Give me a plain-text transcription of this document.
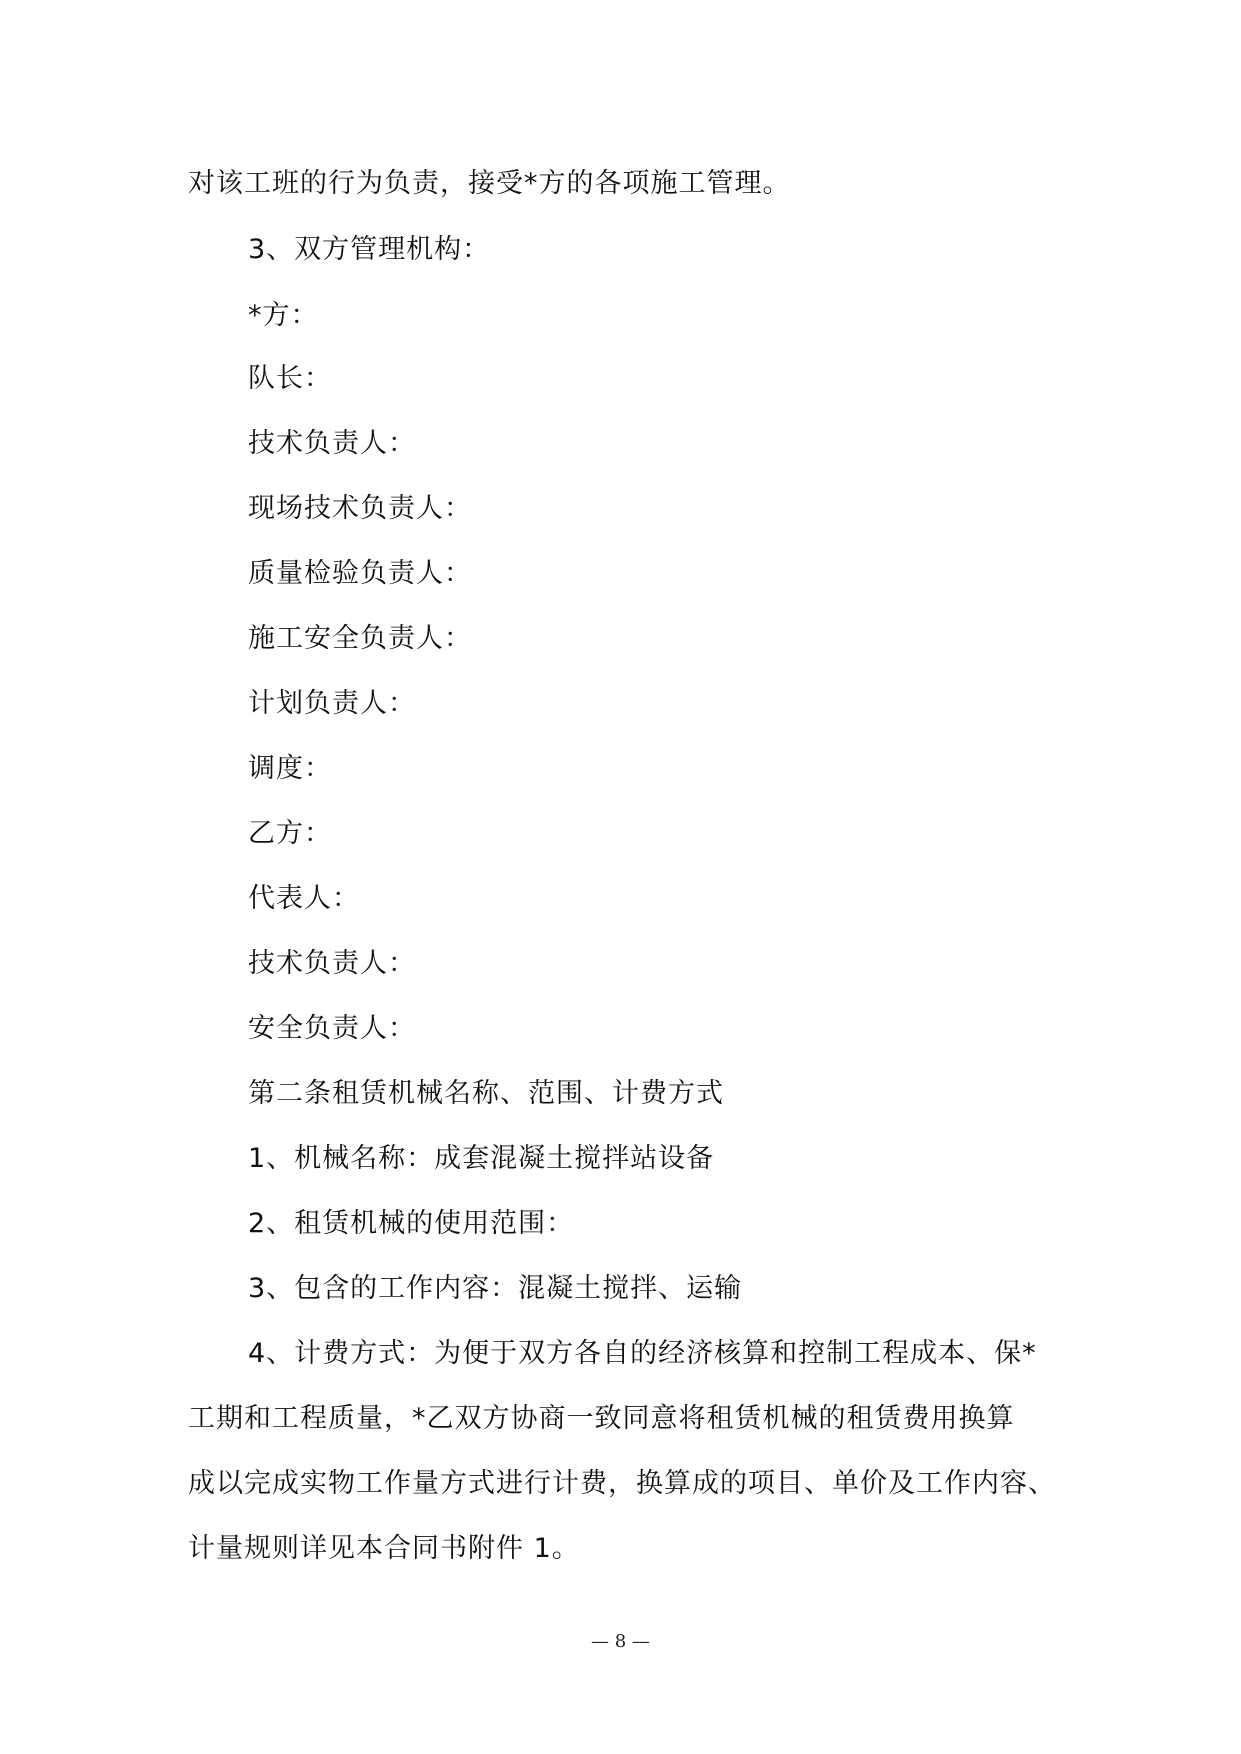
对该工班的行为负责，接受*方的各项施工管理。
3、双方管理机构：
*方：
队长：
技术负责人：
现场技术负责人：
质量检验负责人：
施工安全负责人：
计划负责人：
调度：
乙方：
代表人：
技术负责人：
安全负责人：
第二条租赁机械名称、范围、计费方式
1、机械名称：成套混凝土搅拌站设备
2、租赁机械的使用范围：
3、包含的工作内容：混凝土搅拌、运输
4、计费方式：为便于双方各自的经济核算和控制工程成本、保*
工期和工程质量，*乙双方协商一致同意将租赁机械的租赁费用换算
成以完成实物工作量方式进行计费，换算成的项目、单价及工作内容、
计量规则详见本合同书附件 1。
— 8 —
